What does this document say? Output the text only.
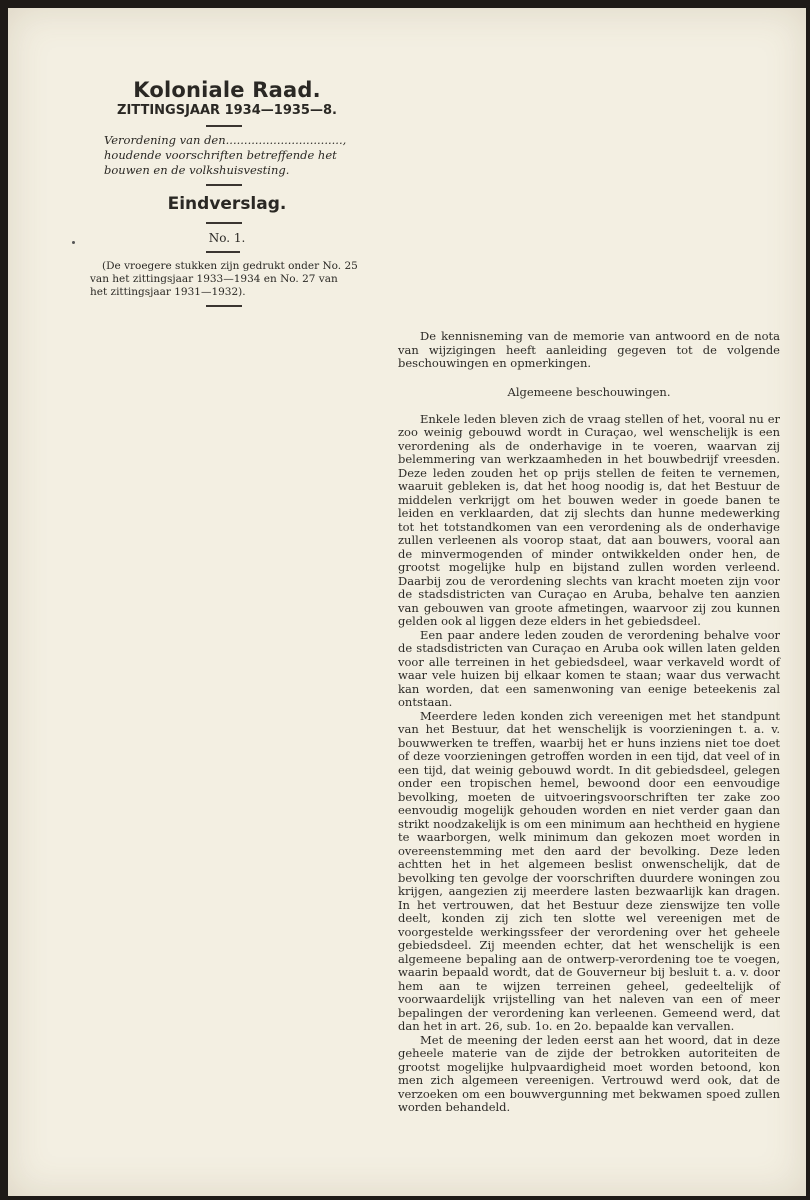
Koloniale Raad.

ZITTINGSJAAR 1934—1935—8.

Verordening van den................................, houdende voorschriften betreffende het bouwen en de volkshuisvesting.

Eindverslag.

No. 1.

(De vroegere stukken zijn gedrukt onder No. 25 van het zittingsjaar 1933—1934 en No. 27 van het zittingsjaar 1931—1932).

De kennisneming van de memorie van antwoord en de nota van wijzigingen heeft aanleiding gegeven tot de volgende beschouwingen en opmerkingen.

Algemeene beschouwingen.

Enkele leden bleven zich de vraag stellen of het, vooral nu er zoo weinig gebouwd wordt in Curaçao, wel wenschelijk is een verordening als de onderhavige in te voeren, waarvan zij belemmering van werkzaamheden in het bouwbedrijf vreesden. Deze leden zouden het op prijs stellen de feiten te vernemen, waaruit gebleken is, dat het hoog noodig is, dat het Bestuur de middelen verkrijgt om het bouwen weder in goede banen te leiden en verklaarden, dat zij slechts dan hunne medewerking tot het totstandkomen van een verordening als de onderhavige zullen verleenen als voorop staat, dat aan bouwers, vooral aan de minvermogenden of minder ontwikkelden onder hen, de grootst mogelijke hulp en bijstand zullen worden verleend. Daarbij zou de verordening slechts van kracht moeten zijn voor de stadsdistricten van Curaçao en Aruba, behalve ten aanzien van gebouwen van groote afmetingen, waarvoor zij zou kunnen gelden ook al liggen deze elders in het gebiedsdeel.

Een paar andere leden zouden de verordening behalve voor de stadsdistricten van Curaçao en Aruba ook willen laten gelden voor alle terreinen in het gebiedsdeel, waar verkaveld wordt of waar vele huizen bij elkaar komen te staan; waar dus verwacht kan worden, dat een samenwoning van eenige beteekenis zal ontstaan.

Meerdere leden konden zich vereenigen met het standpunt van het Bestuur, dat het wenschelijk is voorzieningen t. a. v. bouwwerken te treffen, waarbij het er huns inziens niet toe doet of deze voorzieningen getroffen worden in een tijd, dat veel of in een tijd, dat weinig gebouwd wordt. In dit gebiedsdeel, gelegen onder een tropischen hemel, bewoond door een eenvoudige bevolking, moeten de uitvoeringsvoorschriften ter zake zoo eenvoudig mogelijk gehouden worden en niet verder gaan dan strikt noodzakelijk is om een minimum aan hechtheid en hygiene te waarborgen, welk minimum dan gekozen moet worden in overeenstemming met den aard der bevolking. Deze leden achtten het in het algemeen beslist onwenschelijk, dat de bevolking ten gevolge der voorschriften duurdere woningen zou krijgen, aangezien zij meerdere lasten bezwaarlijk kan dragen. In het vertrouwen, dat het Bestuur deze zienswijze ten volle deelt, konden zij zich ten slotte wel vereenigen met de voorgestelde werkingssfeer der verordening over het geheele gebiedsdeel. Zij meenden echter, dat het wenschelijk is een algemeene bepaling aan de ontwerp-verordening toe te voegen, waarin bepaald wordt, dat de Gouverneur bij besluit t. a. v. door hem aan te wijzen terreinen geheel, gedeeltelijk of voorwaardelijk vrijstelling van het naleven van een of meer bepalingen der verordening kan verleenen. Gemeend werd, dat dan het in art. 26, sub. 1o. en 2o. bepaalde kan vervallen.

Met de meening der leden eerst aan het woord, dat in deze geheele materie van de zijde der betrokken autoriteiten de grootst mogelijke hulpvaardigheid moet worden betoond, kon men zich algemeen vereenigen. Vertrouwd werd ook, dat de verzoeken om een bouwvergunning met bekwamen spoed zullen worden behandeld.
